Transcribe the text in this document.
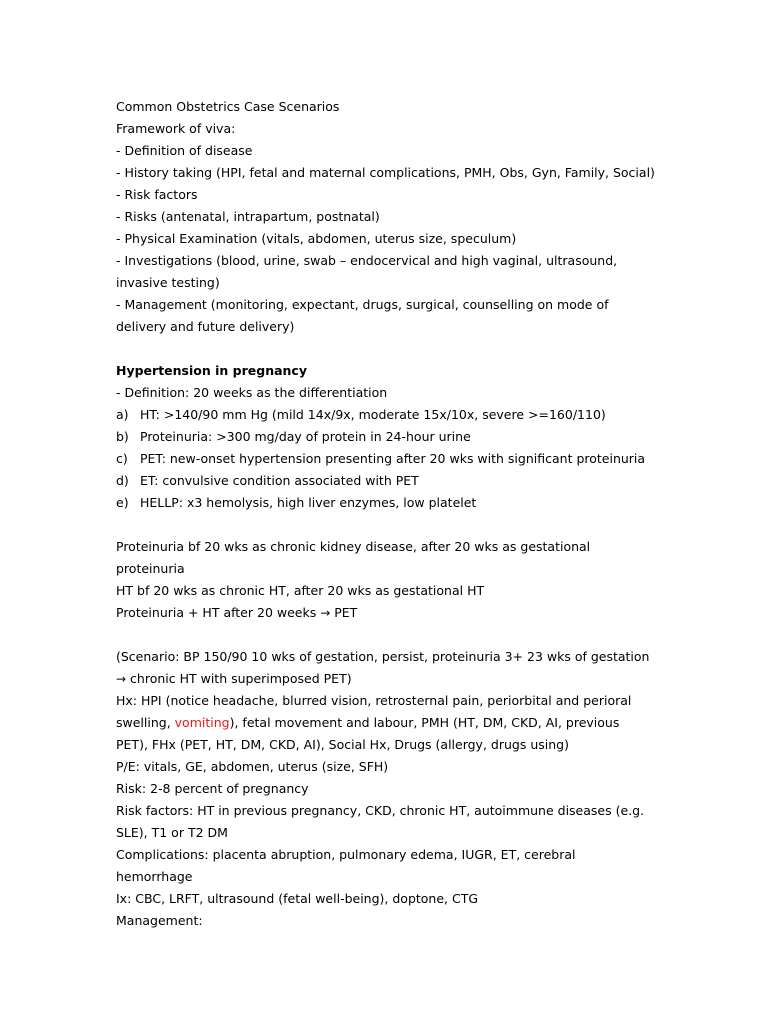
Common Obstetrics Case Scenarios
Framework of viva:
- Definition of disease
- History taking (HPI, fetal and maternal complications, PMH, Obs, Gyn, Family, Social)
- Risk factors
- Risks (antenatal, intrapartum, postnatal)
- Physical Examination (vitals, abdomen, uterus size, speculum)
- Investigations (blood, urine, swab – endocervical and high vaginal, ultrasound,
invasive testing)
- Management (monitoring, expectant, drugs, surgical, counselling on mode of
delivery and future delivery)
Hypertension in pregnancy
- Definition: 20 weeks as the differentiation
a) HT: >140/90 mm Hg (mild 14x/9x, moderate 15x/10x, severe >=160/110)
b) Proteinuria: >300 mg/day of protein in 24-hour urine
c) PET: new-onset hypertension presenting after 20 wks with significant proteinuria
d) ET: convulsive condition associated with PET
e) HELLP: x3 hemolysis, high liver enzymes, low platelet
Proteinuria bf 20 wks as chronic kidney disease, after 20 wks as gestational
proteinuria
HT bf 20 wks as chronic HT, after 20 wks as gestational HT
Proteinuria + HT after 20 weeks → PET
(Scenario: BP 150/90 10 wks of gestation, persist, proteinuria 3+ 23 wks of gestation
→ chronic HT with superimposed PET)
Hx: HPI (notice headache, blurred vision, retrosternal pain, periorbital and perioral
swelling, vomiting), fetal movement and labour, PMH (HT, DM, CKD, AI, previous
PET), FHx (PET, HT, DM, CKD, AI), Social Hx, Drugs (allergy, drugs using)
P/E: vitals, GE, abdomen, uterus (size, SFH)
Risk: 2-8 percent of pregnancy
Risk factors: HT in previous pregnancy, CKD, chronic HT, autoimmune diseases (e.g.
SLE), T1 or T2 DM
Complications: placenta abruption, pulmonary edema, IUGR, ET, cerebral
hemorrhage
Ix: CBC, LRFT, ultrasound (fetal well-being), doptone, CTG
Management:
